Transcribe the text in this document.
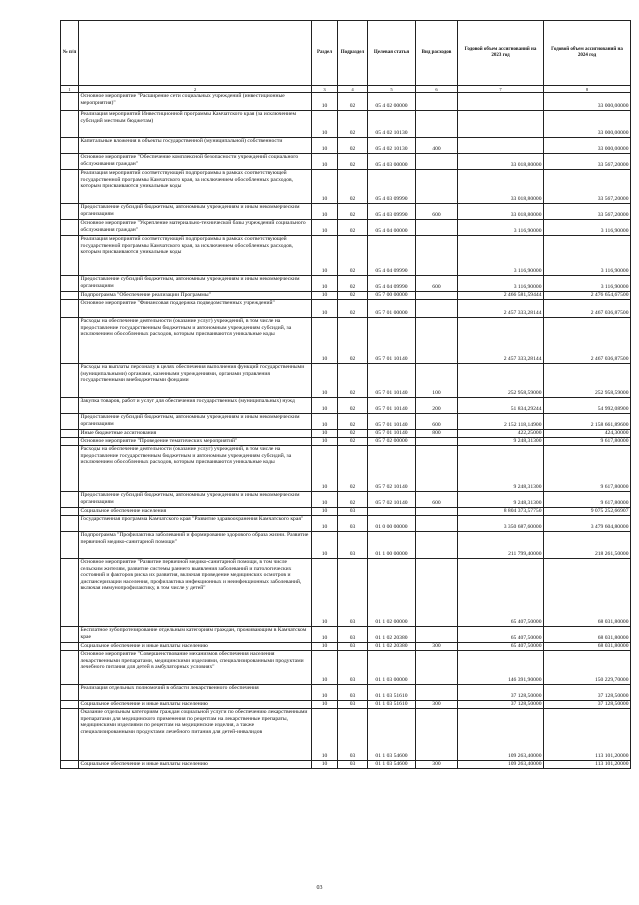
№ п/п		Раздел	Подраздел	Целевая статья	Вид расходов	Годовой объем ассигнований на 2023 год	Годовой объем ассигнований на 2024 год
1	2	3	4	5	6	7	8
	Основное мероприятие "Расширение сети социальных учреждений (инвестиционные мероприятия)"	10	02	05 4 02 00000			33 000,00000
	Реализация мероприятий Инвестиционной программы Камчатского края (за исключением субсидий местным бюджетам)	10	02	05 4 02 10130			33 000,00000
	Капитальные вложения в объекты государственной (муниципальной) собственности	10	02	05 4 02 10130	400		33 000,00000
	Основное мероприятие "Обеспечение комплексной безопасности учреждений социального обслуживания граждан"	10	02	05 4 03 00000		33 018,80000	33 567,20000
	Реализация мероприятий соответствующей подпрограммы в рамках соответствующей государственной программы Камчатского края, за исключением обособленных расходов, которым присваиваются уникальные коды	10	02	05 4 03 09990		33 018,80000	33 567,20000
	Предоставление субсидий бюджетным, автономным учреждениям и иным некоммерческим организациям	10	02	05 4 03 09990	600	33 018,80000	33 567,20000
	Основное мероприятие "Укрепление материально-технической базы учреждений социального обслуживания граждан"	10	02	05 4 04 00000		3 116,90000	3 116,90000
	Реализация мероприятий соответствующей подпрограммы в рамках соответствующей государственной программы Камчатского края, за исключением обособленных расходов, которым присваиваются уникальные коды	10	02	05 4 04 09990		3 116,90000	3 116,90000
	Предоставление субсидий бюджетным, автономным учреждениям и иным некоммерческим организациям	10	02	05 4 04 09990	600	3 116,90000	3 116,90000
	Подпрограмма "Обеспечение реализации Программы"	10	02	05 7 00 00000		2 466 581,59444	2 476 654,67500
	Основное мероприятие "Финансовая поддержка подведомственных учреждений"	10	02	05 7 01 00000		2 457 333,28144	2 467 036,87500
	Расходы на обеспечение деятельности (оказание услуг) учреждений, в том числе на предоставление государственным бюджетным и автономным учреждениям субсидий, за исключением обособленных расходов, которым присваиваются уникальные коды	10	02	05 7 01 10140		2 457 333,28144	2 467 036,87500
	Расходы на выплаты персоналу в целях обеспечения выполнения функций государственными (муниципальными) органами, казенными учреждениями, органами управления государственными внебюджетными фондами	10	02	05 7 01 10140	100	252 958,59000	252 958,59000
	Закупка товаров, работ и услуг для обеспечения государственных (муниципальных) нужд	10	02	05 7 01 10140	200	51 834,29244	54 992,08900
	Предоставление субсидий бюджетным, автономным учреждениям и иным некоммерческим организациям	10	02	05 7 01 10140	600	2 152 118,14900	2 158 661,89600
	Иные бюджетные ассигнования	10	02	05 7 01 10140	800	422,25000	424,30000
	Основное мероприятие "Проведение тематических мероприятий"	10	02	05 7 02 00000		9 248,31300	9 617,80000
	Расходы на обеспечение деятельности (оказание услуг) учреждений, в том числе на предоставление государственным бюджетным и автономным учреждениям субсидий, за исключением обособленных расходов, которым присваиваются уникальные коды	10	02	05 7 02 10140		9 248,31300	9 617,80000
	Предоставление субсидий бюджетным, автономным учреждениям и иным некоммерческим организациям	10	02	05 7 02 10140	600	9 248,31300	9 617,80000
	Социальное обеспечение населения	10	03			8 804 373,57750	9 075 252,66907
	Государственная программа Камчатского края "Развитие здравоохранения Камчатского края"	10	03	01 0 00 00000		3 350 687,60000	3 479 604,80000
	Подпрограмма "Профилактика заболеваний и формирование здорового образа жизни. Развитие первичной медико-санитарной помощи"	10	03	01 1 00 00000		211 799,40000	218 261,50000
	Основное мероприятие "Развитие первичной медико-санитарной помощи, в том числе сельским жителям, развитие системы раннего выявления заболеваний и патологических состояний и факторов риска их развития, включая проведение медицинских осмотров и диспансеризации населения, профилактика инфекционных и неинфекционных заболеваний, включая иммунопрофилактику, в том числе у детей"	10	03	01 1 02 00000		65 407,50000	68 031,80000
	Бесплатное зубопротезирование отдельным категориям граждан, проживающим в Камчатском крае	10	03	01 1 02 20380		65 407,50000	68 031,80000
	Социальное обеспечение и иные выплаты населению	10	03	01 1 02 20380	300	65 407,50000	68 031,80000
	Основное мероприятие "Совершенствование механизмов обеспечения населения лекарственными препаратами, медицинскими изделиями, специализированными продуктами лечебного питания для детей в амбулаторных условиях"	10	03	01 1 03 00000		146 391,90000	150 229,70000
	Реализация отдельных полномочий в области лекарственного обеспечения	10	03	01 1 03 51610		37 128,50000	37 128,50000
	Социальное обеспечение и иные выплаты населению	10	03	01 1 03 51610	300	37 128,50000	37 128,50000
	Оказание отдельным категориям граждан социальной услуги по обеспечению лекарственными препаратами для медицинского применения по рецептам на лекарственные препараты, медицинскими изделиями по рецептам на медицинские изделия, а также специализированными продуктами лечебного питания для детей-инвалидов	10	03	01 1 03 54600		109 263,40000	113 101,20000
	Социальное обеспечение и иные выплаты населению	10	03	01 1 03 54600	300	109 263,40000	113 101,20000
03
